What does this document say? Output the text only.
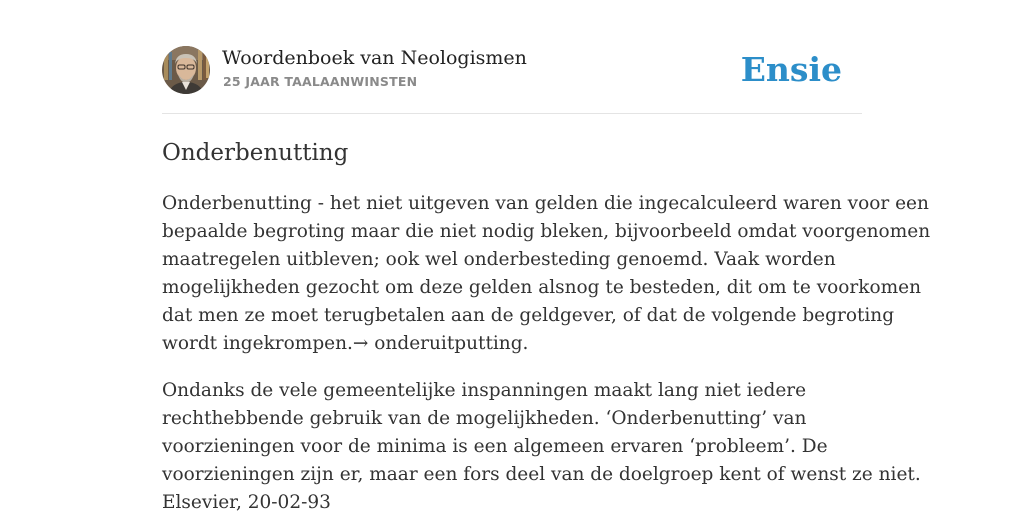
Woordenboek van Neologismen
25 JAAR TAALAANWINSTEN	Ensie
Onderbenutting

Onderbenutting - het niet uitgeven van gelden die ingecalculeerd waren voor een
bepaalde begroting maar die niet nodig bleken, bijvoorbeeld omdat voorgenomen
maatregelen uitbleven; ook wel onderbesteding genoemd. Vaak worden
mogelijkheden gezocht om deze gelden alsnog te besteden, dit om te voorkomen
dat men ze moet terugbetalen aan de geldgever, of dat de volgende begroting
wordt ingekrompen.→ onderuitputting.

Ondanks de vele gemeentelijke inspanningen maakt lang niet iedere
rechthebbende gebruik van de mogelijkheden. ‘Onderbenutting’ van
voorzieningen voor de minima is een algemeen ervaren ‘probleem’. De
voorzieningen zijn er, maar een fors deel van de doelgroep kent of wenst ze niet.
Elsevier, 20-02-93
